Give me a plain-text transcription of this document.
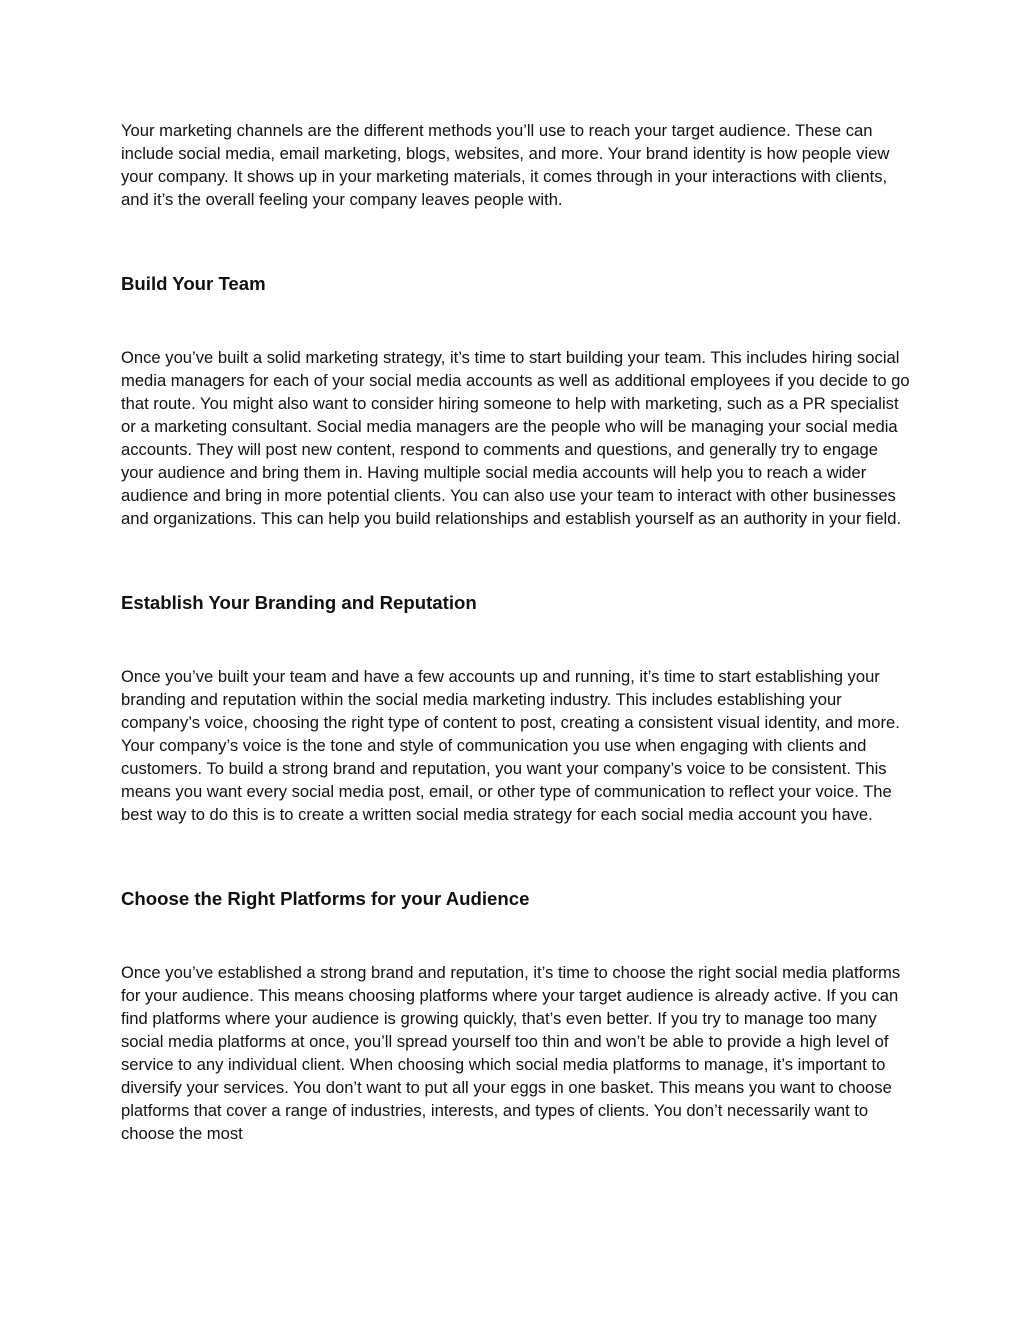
Your marketing channels are the different methods you’ll use to reach your target audience. These can include social media, email marketing, blogs, websites, and more. Your brand identity is how people view your company. It shows up in your marketing materials, it comes through in your interactions with clients, and it’s the overall feeling your company leaves people with.

Build Your Team

Once you’ve built a solid marketing strategy, it’s time to start building your team. This includes hiring social media managers for each of your social media accounts as well as additional employees if you decide to go that route. You might also want to consider hiring someone to help with marketing, such as a PR specialist or a marketing consultant. Social media managers are the people who will be managing your social media accounts. They will post new content, respond to comments and questions, and generally try to engage your audience and bring them in. Having multiple social media accounts will help you to reach a wider audience and bring in more potential clients. You can also use your team to interact with other businesses and organizations. This can help you build relationships and establish yourself as an authority in your field.

Establish Your Branding and Reputation

Once you’ve built your team and have a few accounts up and running, it’s time to start establishing your branding and reputation within the social media marketing industry. This includes establishing your company’s voice, choosing the right type of content to post, creating a consistent visual identity, and more. Your company’s voice is the tone and style of communication you use when engaging with clients and customers. To build a strong brand and reputation, you want your company’s voice to be consistent. This means you want every social media post, email, or other type of communication to reflect your voice. The best way to do this is to create a written social media strategy for each social media account you have.

Choose the Right Platforms for your Audience

Once you’ve established a strong brand and reputation, it’s time to choose the right social media platforms for your audience. This means choosing platforms where your target audience is already active. If you can find platforms where your audience is growing quickly, that’s even better. If you try to manage too many social media platforms at once, you’ll spread yourself too thin and won’t be able to provide a high level of service to any individual client. When choosing which social media platforms to manage, it’s important to diversify your services. You don’t want to put all your eggs in one basket. This means you want to choose platforms that cover a range of industries, interests, and types of clients. You don’t necessarily want to choose the most
